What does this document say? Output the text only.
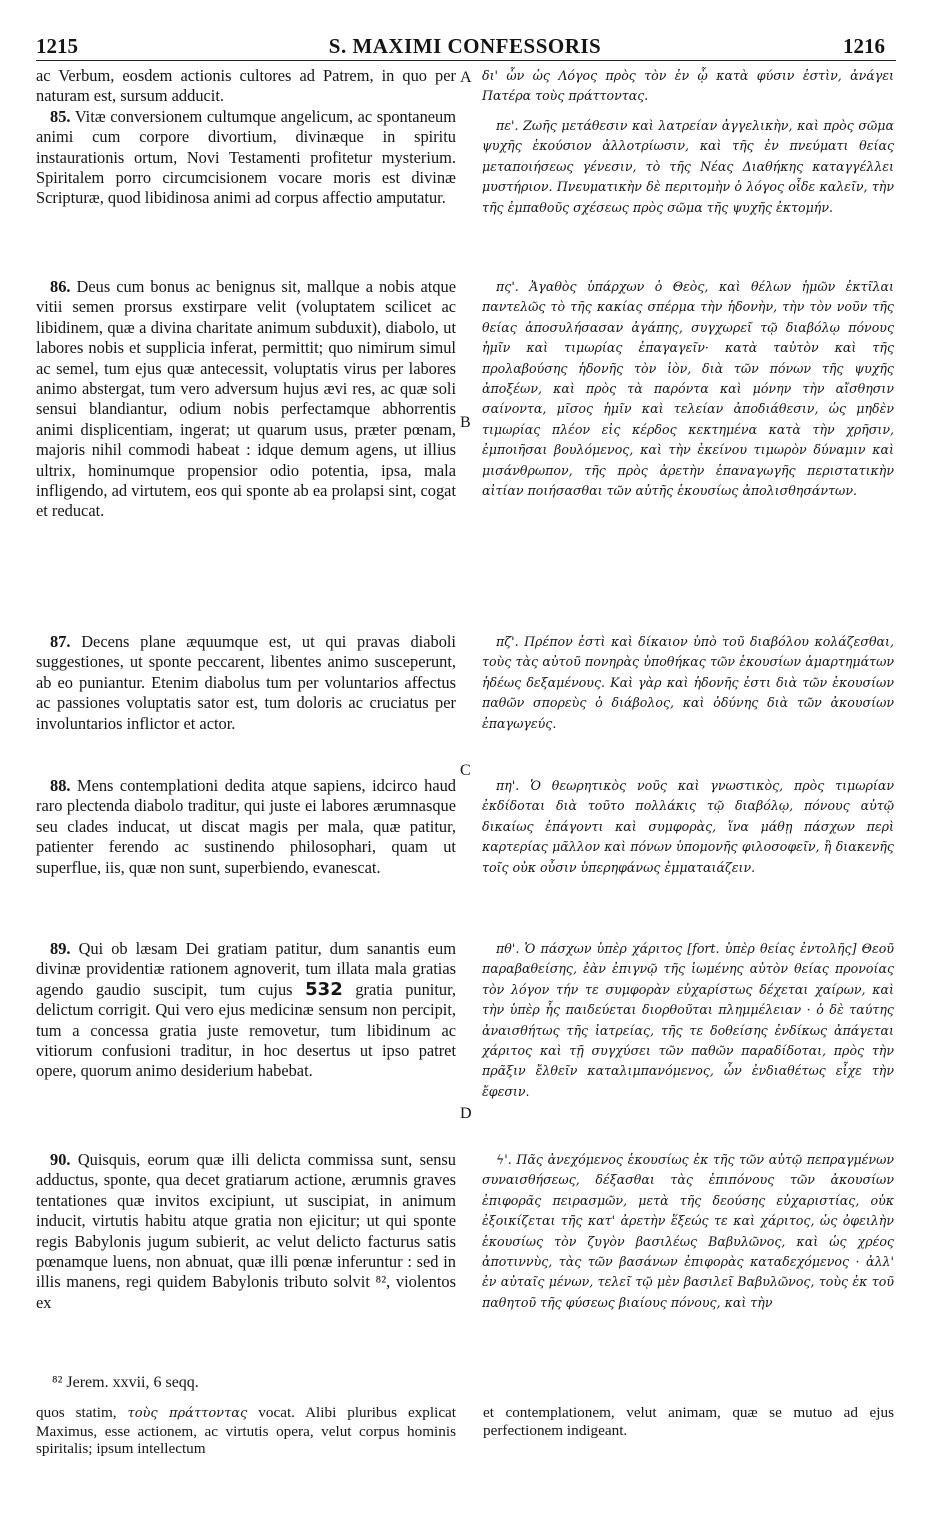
1215	S. MAXIMI CONFESSORIS	1216

ac Verbum, eosdem actionis cultores ad Patrem, in quo per naturam est, sursum adducit.

85. Vitæ conversionem cultumque angelicum, ac spontaneum animi cum corpore divortium, divinæque in spiritu instaurationis ortum, Novi Testamenti profitetur mysterium. Spiritalem porro circumcisionem vocare moris est divinæ Scripturæ, quod libidinosa animi ad corpus affectio amputatur.

86. Deus cum bonus ac benignus sit, mallque a nobis atque vitii semen prorsus exstirpare velit (voluptatem scilicet ac libidinem, quæ a divina charitate animum subduxit), diabolo, ut labores nobis et supplicia inferat, permittit; quo nimirum simul ac semel, tum ejus quæ antecessit, voluptatis virus per labores animo abstergat, tum vero adversum hujus ævi res, ac quæ soli sensui blandiantur, odium nobis perfectamque abhorrentis animi displicentiam, ingerat; ut quarum usus, præter pœnam, majoris nihil commodi habeat : idque demum agens, ut illius ultrix, hominumque propensior odio potentia, ipsa, mala infligendo, ad virtutem, eos qui sponte ab ea prolapsi sint, cogat et reducat.

87. Decens plane æquumque est, ut qui pravas diaboli suggestiones, ut sponte peccarent, libentes animo susceperunt, ab eo puniantur. Etenim diabolus tum per voluntarios affectus ac passiones voluptatis sator est, tum doloris ac cruciatus per involuntarios inflictor et actor.

88. Mens contemplationi dedita atque sapiens, idcirco haud raro plectenda diabolo traditur, qui juste ei labores ærumnasque seu clades inducat, ut discat magis per mala, quæ patitur, patienter ferendo ac sustinendo philosophari, quam ut superflue, iis, quæ non sunt, superbiendo, evanescat.

89. Qui ob læsam Dei gratiam patitur, dum sanantis eum divinæ providentiæ rationem agnoverit, tum illata mala gratias agendo gaudio suscipit, tum cujus 532 gratia punitur, delictum corrigit. Qui vero ejus medicinæ sensum non percipit, tum a concessa gratia juste removetur, tum libidinum ac vitiorum confusioni traditur, in hoc desertus ut ipso patret opere, quorum animo desiderium habebat.

90. Quisquis, eorum quæ illi delicta commissa sunt, sensu adductus, sponte, qua decet gratiarum actione, ærumnis graves tentationes quæ invitos excipiunt, ut suscipiat, in animum inducit, virtutis habitu atque gratia non ejicitur; ut qui sponte regis Babylonis jugum subierit, ac velut delicto facturus satis pœnamque luens, non abnuat, quæ illi pœnæ inferuntur : sed in illis manens, regi quidem Babylonis tributo solvit ⁸², violentos ex

δι' ὧν ὡς Λόγος πρὸς τὸν ἐν ᾧ κατὰ φύσιν ἐστὶν, ἀνάγει Πατέρα τοὺς πράττοντας.

πε'. Ζωῆς μετάθεσιν καὶ λατρείαν ἀγγελικὴν, καὶ πρὸς σῶμα ψυχῆς ἑκούσιον ἀλλοτρίωσιν, καὶ τῆς ἐν πνεύματι θείας μεταποιήσεως γένεσιν, τὸ τῆς Νέας Διαθήκης καταγγέλλει μυστήριον. Πνευματικὴν δὲ περιτομὴν ὁ λόγος οἶδε καλεῖν, τὴν τῆς ἐμπαθοῦς σχέσεως πρὸς σῶμα τῆς ψυχῆς ἐκτομήν.

πς'. Ἀγαθὸς ὑπάρχων ὁ Θεὸς, καὶ θέλων ἡμῶν ἐκτῖλαι παντελῶς τὸ τῆς κακίας σπέρμα τὴν ἡδονὴν, τὴν τὸν νοῦν τῆς θείας ἀποσυλήσασαν ἀγάπης, συγχωρεῖ τῷ διαβόλῳ πόνους ἡμῖν καὶ τιμωρίας ἐπαγαγεῖν· κατὰ ταὐτὸν καὶ τῆς προλαβούσης ἡδονῆς τὸν ἰὸν, διὰ τῶν πόνων τῆς ψυχῆς ἀποξέων, καὶ πρὸς τὰ παρόντα καὶ μόνην τὴν αἴσθησιν σαίνοντα, μῖσος ἡμῖν καὶ τελείαν ἀποδιάθεσιν, ὡς μηδὲν τιμωρίας πλέον εἰς κέρδος κεκτημένα κατὰ τὴν χρῆσιν, ἐμποιῆσαι βουλόμενος, καὶ τὴν ἐκείνου τιμωρὸν δύναμιν καὶ μισάνθρωπον, τῆς πρὸς ἀρετὴν ἐπαναγωγῆς περιστατικὴν αἰτίαν ποιήσασθαι τῶν αὐτῆς ἑκουσίως ἀπολισθησάντων.

πζ'. Πρέπον ἐστὶ καὶ δίκαιον ὑπὸ τοῦ διαβόλου κολάζεσθαι, τοὺς τὰς αὐτοῦ πονηρὰς ὑποθήκας τῶν ἑκουσίων ἁμαρτημάτων ἡδέως δεξαμένους. Καὶ γὰρ καὶ ἡδονῆς ἐστι διὰ τῶν ἑκουσίων παθῶν σπορεὺς ὁ διάβολος, καὶ ὀδύνης διὰ τῶν ἀκουσίων ἐπαγωγεύς.

πη'. Ὁ θεωρητικὸς νοῦς καὶ γνωστικὸς, πρὸς τιμωρίαν ἐκδίδοται διὰ τοῦτο πολλάκις τῷ διαβόλῳ, πόνους αὐτῷ δικαίως ἐπάγοντι καὶ συμφορὰς, ἵνα μάθῃ πάσχων περὶ καρτερίας μᾶλλον καὶ πόνων ὑπομονῆς φιλοσοφεῖν, ἢ διακενῆς τοῖς οὐκ οὖσιν ὑπερηφάνως ἐμματαιάζειν.

πθ'. Ὁ πάσχων ὑπὲρ χάριτος [fort. ὑπὲρ θείας ἐντολῆς] Θεοῦ παραβαθείσης, ἐὰν ἐπιγνῷ τῆς ἰωμένης αὐτὸν θείας προνοίας τὸν λόγον τήν τε συμφορὰν εὐχαρίστως δέχεται χαίρων, καὶ τὴν ὑπὲρ ἧς παιδεύεται διορθοῦται πλημμέλειαν · ὁ δὲ ταύτης ἀναισθήτως τῆς ἰατρείας, τῆς τε δοθείσης ἐνδίκως ἀπάγεται χάριτος καὶ τῇ συγχύσει τῶν παθῶν παραδίδοται, πρὸς τὴν πρᾶξιν ἔλθεῖν καταλιμπανόμενος, ὧν ἐνδιαθέτως εἶχε τὴν ἔφεσιν.

ϟ'. Πᾶς ἀνεχόμενος ἑκουσίως ἐκ τῆς τῶν αὐτῷ πεπραγμένων συναισθήσεως, δέξασθαι τὰς ἐπιπόνους τῶν ἀκουσίων ἐπιφορᾶς πειρασμῶν, μετὰ τῆς δεούσης εὐχαριστίας, οὐκ ἐξοικίζεται τῆς κατ' ἀρετὴν ἕξεώς τε καὶ χάριτος, ὡς ὀφειλὴν ἑκουσίως τὸν ζυγὸν βασιλέως Βαβυλῶνος, καὶ ὡς χρέος ἀποτιννὺς, τὰς τῶν βασάνων ἐπιφορὰς καταδεχόμενος · ἀλλ' ἐν αὐταῖς μένων, τελεῖ τῷ μὲν βασιλεῖ Βαβυλῶνος, τοὺς ἐκ τοῦ παθητοῦ τῆς φύσεως βιαίους πόνους, καὶ τὴν

A
B
C
D
⁸² Jerem. xxvii, 6 seqq.

quos statim, τοὺς πράττοντας vocat. Alibi pluribus explicat Maximus, esse actionem, ac virtutis opera, velut corpus hominis spiritalis; ipsum intellectum

et contemplationem, velut animam, quæ se mutuo ad ejus perfectionem indigeant.
